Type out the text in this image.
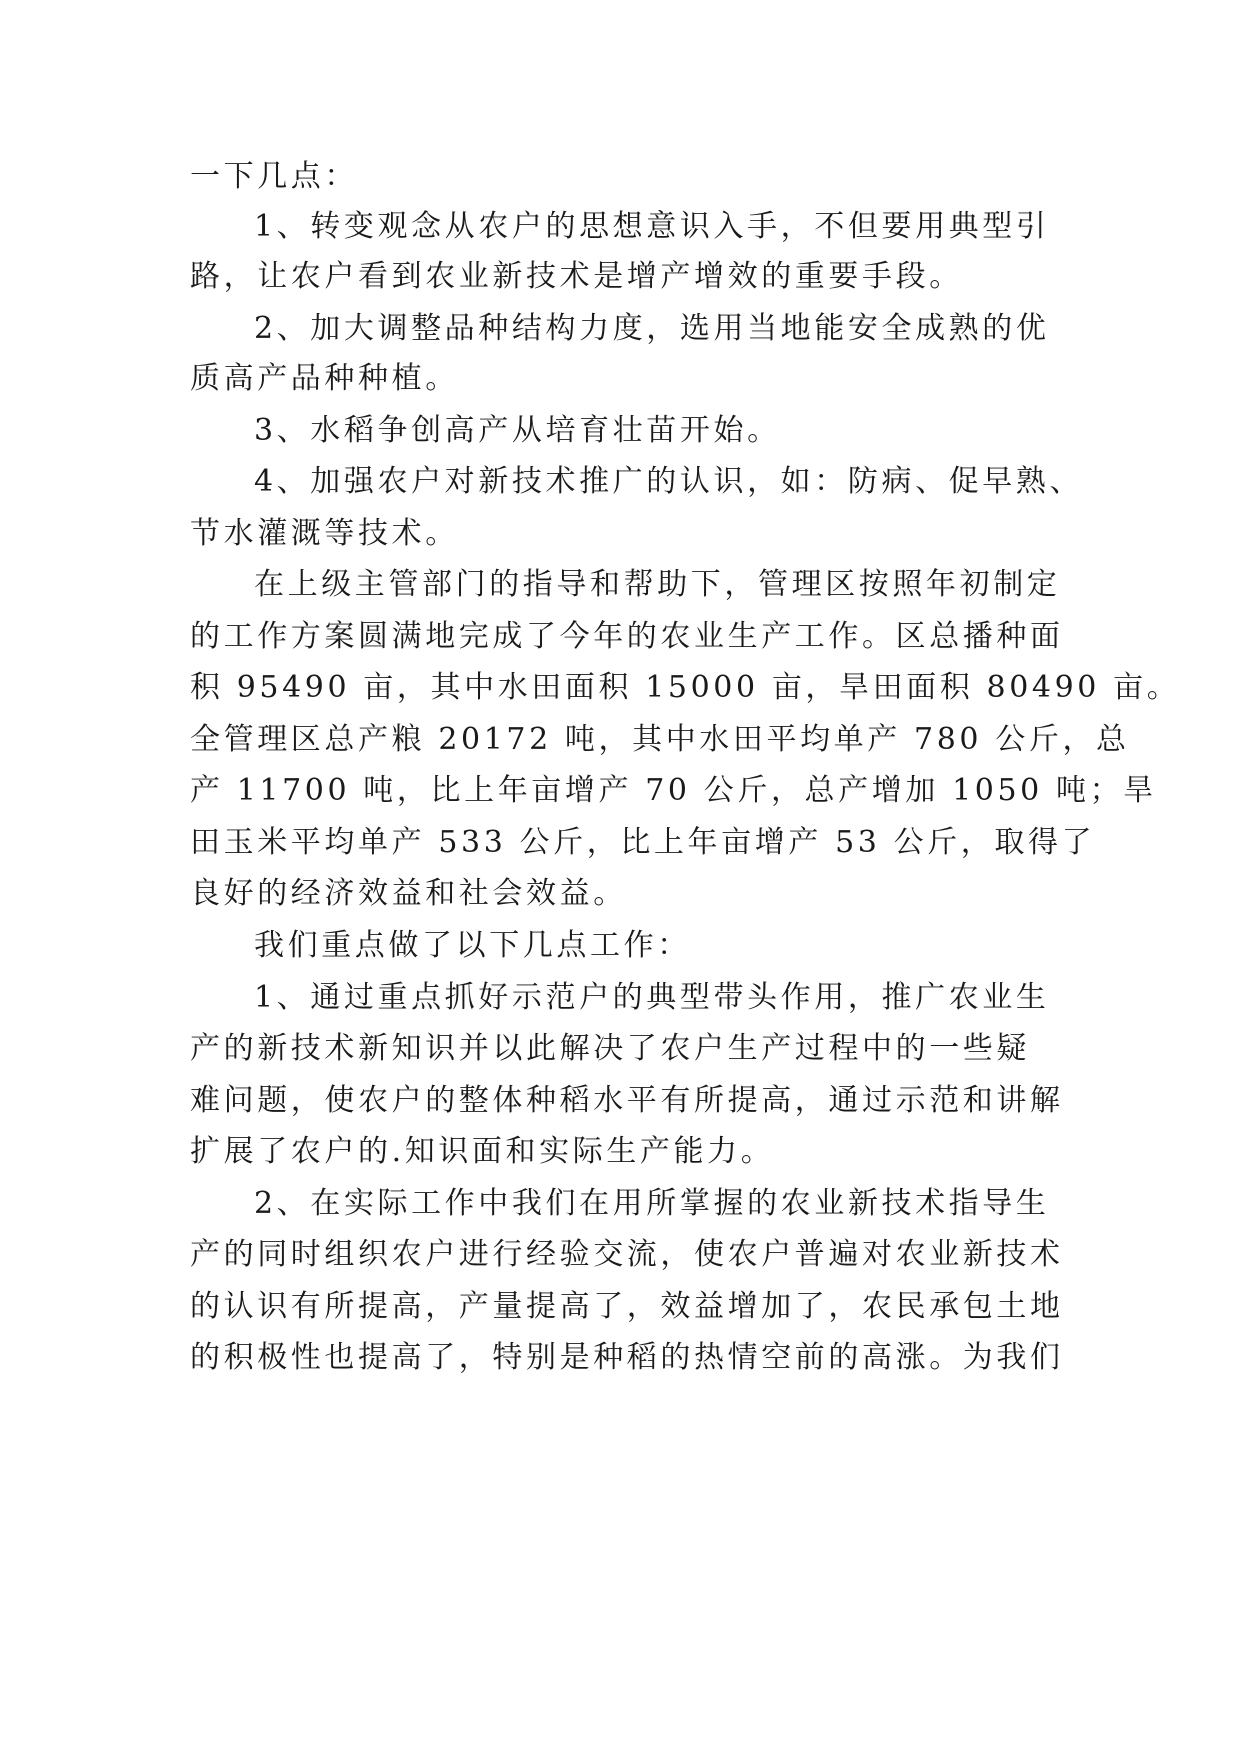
一下几点：
1、转变观念从农户的思想意识入手，不但要用典型引
路，让农户看到农业新技术是增产增效的重要手段。
2、加大调整品种结构力度，选用当地能安全成熟的优
质高产品种种植。
3、水稻争创高产从培育壮苗开始。
4、加强农户对新技术推广的认识，如：防病、促早熟、
节水灌溉等技术。
在上级主管部门的指导和帮助下，管理区按照年初制定
的工作方案圆满地完成了今年的农业生产工作。区总播种面
积 95490 亩，其中水田面积 15000 亩，旱田面积 80490 亩。
全管理区总产粮 20172 吨，其中水田平均单产 780 公斤，总
产 11700 吨，比上年亩增产 70 公斤，总产增加 1050 吨；旱
田玉米平均单产 533 公斤，比上年亩增产 53 公斤，取得了
良好的经济效益和社会效益。
我们重点做了以下几点工作：
1、通过重点抓好示范户的典型带头作用，推广农业生
产的新技术新知识并以此解决了农户生产过程中的一些疑
难问题，使农户的整体种稻水平有所提高，通过示范和讲解
扩展了农户的.知识面和实际生产能力。
2、在实际工作中我们在用所掌握的农业新技术指导生
产的同时组织农户进行经验交流，使农户普遍对农业新技术
的认识有所提高，产量提高了，效益增加了，农民承包土地
的积极性也提高了，特别是种稻的热情空前的高涨。为我们
